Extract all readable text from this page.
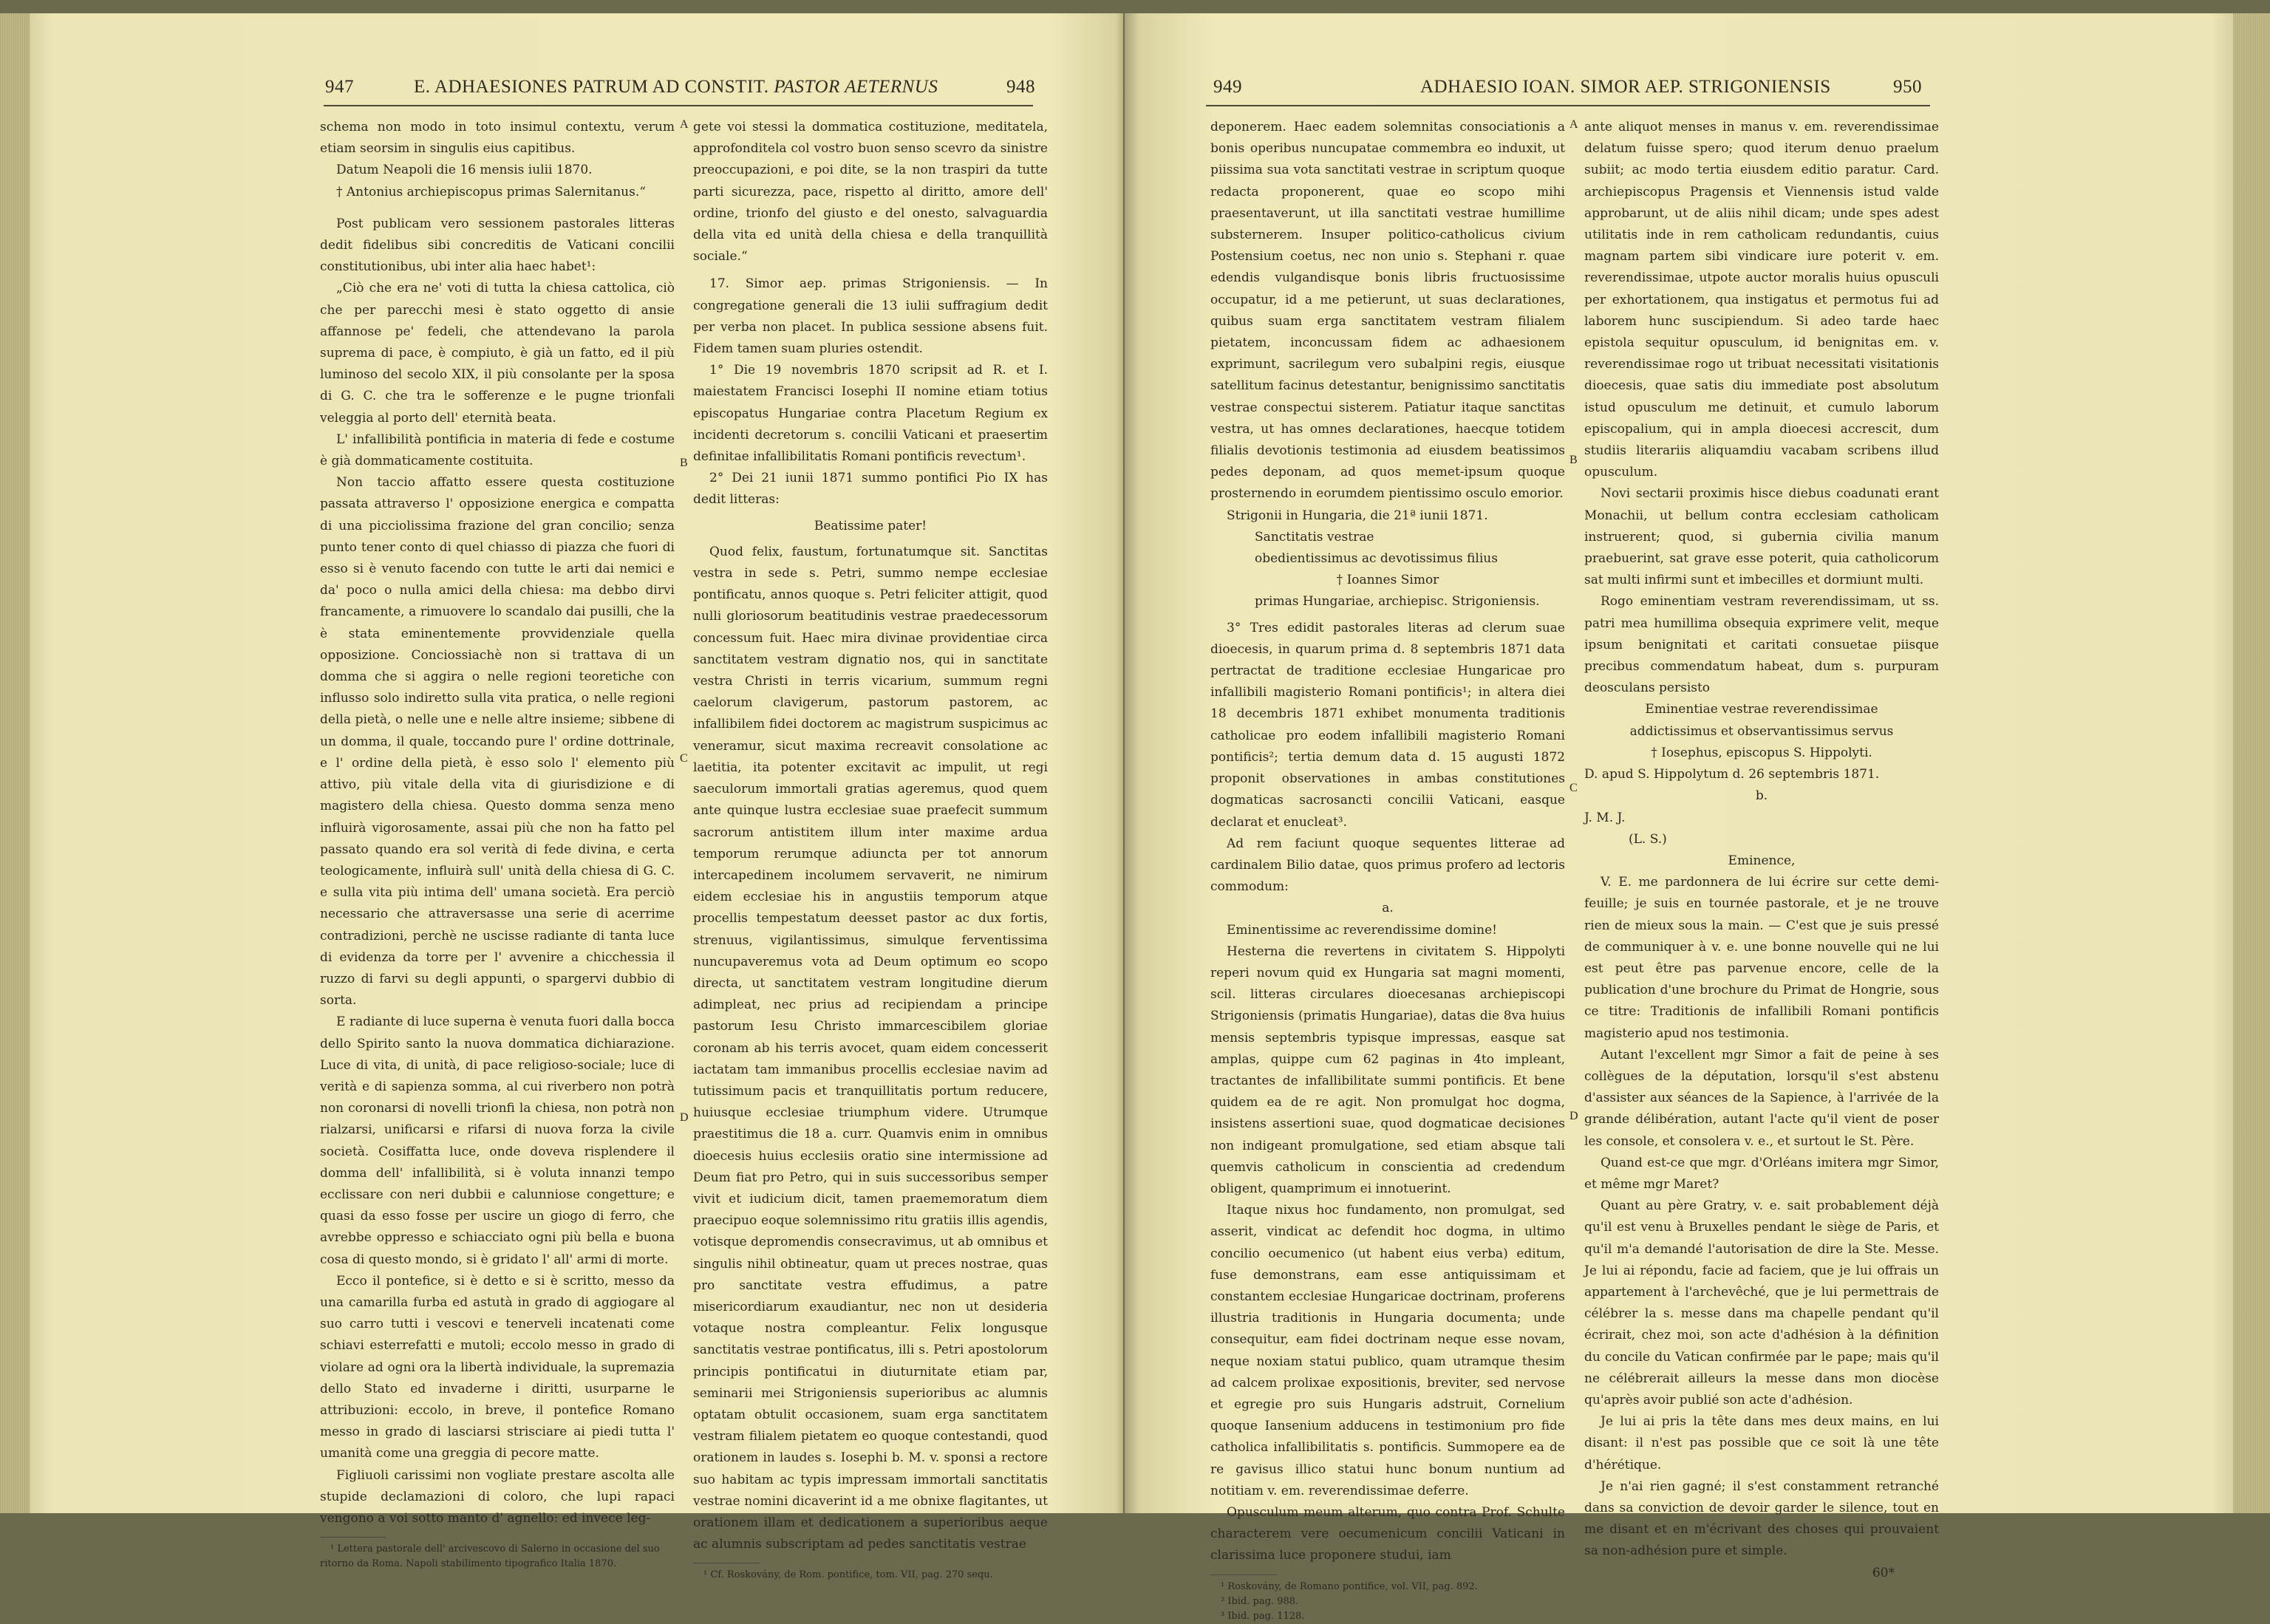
947	E. ADHAESIONES PATRUM AD CONSTIT. PASTOR AETERNUS	948

schema non modo in toto insimul contextu, verum etiam seorsim in singulis eius capitibus.

Datum Neapoli die 16 mensis iulii 1870.

† Antonius archiepiscopus primas Salernitanus.“

Post publicam vero sessionem pastorales litteras dedit fidelibus sibi concreditis de Vaticani concilii constitutionibus, ubi inter alia haec habet¹:

„Ciò che era ne' voti di tutta la chiesa cattolica, ciò che per parecchi mesi è stato oggetto di ansie affannose pe' fedeli, che attendevano la parola suprema di pace, è compiuto, è già un fatto, ed il più luminoso del secolo XIX, il più consolante per la sposa di G. C. che tra le sofferenze e le pugne trionfali veleggia al porto dell' eternità beata.

L' infallibilità pontificia in materia di fede e costume è già dommaticamente costituita.

Non taccio affatto essere questa costituzione passata attraverso l' opposizione energica e compatta di una picciolissima frazione del gran concilio; senza punto tener conto di quel chiasso di piazza che fuori di esso si è venuto facendo con tutte le arti dai nemici e da' poco o nulla amici della chiesa: ma debbo dirvi francamente, a rimuovere lo scandalo dai pusilli, che la è stata eminentemente provvidenziale quella opposizione. Conciossiachè non si trattava di un domma che si aggira o nelle regioni teoretiche con influsso solo indiretto sulla vita pratica, o nelle regioni della pietà, o nelle une e nelle altre insieme; sibbene di un domma, il quale, toccando pure l' ordine dottrinale, e l' ordine della pietà, è esso solo l' elemento più attivo, più vitale della vita di giurisdizione e di magistero della chiesa. Questo domma senza meno influirà vigorosamente, assai più che non ha fatto pel passato quando era sol verità di fede divina, e certa teologicamente, influirà sull' unità della chiesa di G. C. e sulla vita più intima dell' umana società. Era perciò necessario che attraversasse una serie di acerrime contradizioni, perchè ne uscisse radiante di tanta luce di evidenza da torre per l' avvenire a chicchessia il ruzzo di farvi su degli appunti, o spargervi dubbio di sorta.

E radiante di luce superna è venuta fuori dalla bocca dello Spirito santo la nuova dommatica dichiarazione. Luce di vita, di unità, di pace religioso-sociale; luce di verità e di sapienza somma, al cui riverbero non potrà non coronarsi di novelli trionfi la chiesa, non potrà non rialzarsi, unificarsi e rifarsi di nuova forza la civile società. Cosiffatta luce, onde doveva risplendere il domma dell' infallibilità, si è voluta innanzi tempo ecclissare con neri dubbii e calunniose congetture; e quasi da esso fosse per uscire un giogo di ferro, che avrebbe oppresso e schiacciato ogni più bella e buona cosa di questo mondo, si è gridato l' all' armi di morte.

Ecco il pontefice, si è detto e si è scritto, messo da una camarilla furba ed astutà in grado di aggiogare al suo carro tutti i vescovi e tenerveli incatenati come schiavi esterrefatti e mutoli; eccolo messo in grado di violare ad ogni ora la libertà individuale, la supremazia dello Stato ed invaderne i diritti, usurparne le attribuzioni: eccolo, in breve, il pontefice Romano messo in grado di lasciarsi strisciare ai piedi tutta l' umanità come una greggia di pecore matte.

Figliuoli carissimi non vogliate prestare ascolta alle stupide declamazioni di coloro, che lupi rapaci vengono a voi sotto manto d' agnello: ed invece leg-

¹ Lettera pastorale dell' arcivescovo di Salerno in occasione del suo ritorno da Roma. Napoli stabilimento tipografico Italia 1870.

A
B
C
D

gete voi stessi la dommatica costituzione, meditatela, approfonditela col vostro buon senso scevro da sinistre preoccupazioni, e poi dite, se la non traspiri da tutte parti sicurezza, pace, rispetto al diritto, amore dell' ordine, trionfo del giusto e del onesto, salvaguardia della vita ed unità della chiesa e della tranquillità sociale.“

17. Simor aep. primas Strigoniensis. — In congregatione generali die 13 iulii suffragium dedit per verba non placet. In publica sessione absens fuit. Fidem tamen suam pluries ostendit.

1° Die 19 novembris 1870 scripsit ad R. et I. maiestatem Francisci Iosephi II nomine etiam totius episcopatus Hungariae contra Placetum Regium ex incidenti decretorum s. concilii Vaticani et praesertim definitae infallibilitatis Romani pontificis revectum¹.

2° Dei 21 iunii 1871 summo pontifici Pio IX has dedit litteras:

Beatissime pater!

Quod felix, faustum, fortunatumque sit. Sanctitas vestra in sede s. Petri, summo nempe ecclesiae pontificatu, annos quoque s. Petri feliciter attigit, quod nulli gloriosorum beatitudinis vestrae praedecessorum concessum fuit. Haec mira divinae providentiae circa sanctitatem vestram dignatio nos, qui in sanctitate vestra Christi in terris vicarium, summum regni caelorum clavigerum, pastorum pastorem, ac infallibilem fidei doctorem ac magistrum suspicimus ac veneramur, sicut maxima recreavit consolatione ac laetitia, ita potenter excitavit ac impulit, ut regi saeculorum immortali gratias ageremus, quod quem ante quinque lustra ecclesiae suae praefecit summum sacrorum antistitem illum inter maxime ardua temporum rerumque adiuncta per tot annorum intercapedinem incolumem servaverit, ne nimirum eidem ecclesiae his in angustiis temporum atque procellis tempestatum deesset pastor ac dux fortis, strenuus, vigilantissimus, simulque ferventissima nuncupaveremus vota ad Deum optimum eo scopo directa, ut sanctitatem vestram longitudine dierum adimpleat, nec prius ad recipiendam a principe pastorum Iesu Christo immarcescibilem gloriae coronam ab his terris avocet, quam eidem concesserit iactatam tam immanibus procellis ecclesiae navim ad tutissimum pacis et tranquillitatis portum reducere, huiusque ecclesiae triumphum videre. Utrumque praestitimus die 18 a. curr. Quamvis enim in omnibus dioecesis huius ecclesiis oratio sine intermissione ad Deum fiat pro Petro, qui in suis successoribus semper vivit et iudicium dicit, tamen praememoratum diem praecipuo eoque solemnissimo ritu gratiis illis agendis, votisque depromendis consecravimus, ut ab omnibus et singulis nihil obtineatur, quam ut preces nostrae, quas pro sanctitate vestra effudimus, a patre misericordiarum exaudiantur, nec non ut desideria votaque nostra compleantur. Felix longusque sanctitatis vestrae pontificatus, illi s. Petri apostolorum principis pontificatui in diuturnitate etiam par, seminarii mei Strigoniensis superioribus ac alumnis optatam obtulit occasionem, suam erga sanctitatem vestram filialem pietatem eo quoque contestandi, quod orationem in laudes s. Iosephi b. M. v. sponsi a rectore suo habitam ac typis impressam immortali sanctitatis vestrae nomini dicaverint id a me obnixe flagitantes, ut orationem illam et dedicationem a superioribus aeque ac alumnis subscriptam ad pedes sanctitatis vestrae

¹ Cf. Roskovány, de Rom. pontifice, tom. VII, pag. 270 sequ.

949	ADHAESIO IOAN. SIMOR AEP. STRIGONIENSIS	950

deponerem. Haec eadem solemnitas consociationis a bonis operibus nuncupatae commembra eo induxit, ut piissima sua vota sanctitati vestrae in scriptum quoque redacta proponerent, quae eo scopo mihi praesentaverunt, ut illa sanctitati vestrae humillime substernerem. Insuper politico-catholicus civium Postensium coetus, nec non unio s. Stephani r. quae edendis vulgandisque bonis libris fructuosissime occupatur, id a me petierunt, ut suas declarationes, quibus suam erga sanctitatem vestram filialem pietatem, inconcussam fidem ac adhaesionem exprimunt, sacrilegum vero subalpini regis, eiusque satellitum facinus detestantur, benignissimo sanctitatis vestrae conspectui sisterem. Patiatur itaque sanctitas vestra, ut has omnes declarationes, haecque totidem filialis devotionis testimonia ad eiusdem beatissimos pedes deponam, ad quos memet-ipsum quoque prosternendo in eorumdem pientissimo osculo emorior.

Strigonii in Hungaria, die 21ª iunii 1871.

Sanctitatis vestrae

obedientissimus ac devotissimus filius

† Ioannes Simor

primas Hungariae, archiepisc. Strigoniensis.

3° Tres edidit pastorales literas ad clerum suae dioecesis, in quarum prima d. 8 septembris 1871 data pertractat de traditione ecclesiae Hungaricae pro infallibili magisterio Romani pontificis¹; in altera diei 18 decembris 1871 exhibet monumenta traditionis catholicae pro eodem infallibili magisterio Romani pontificis²; tertia demum data d. 15 augusti 1872 proponit observationes in ambas constitutiones dogmaticas sacrosancti concilii Vaticani, easque declarat et enucleat³.

Ad rem faciunt quoque sequentes litterae ad cardinalem Bilio datae, quos primus profero ad lectoris commodum:

a.

Eminentissime ac reverendissime domine!

Hesterna die revertens in civitatem S. Hippolyti reperi novum quid ex Hungaria sat magni momenti, scil. litteras circulares dioecesanas archiepiscopi Strigoniensis (primatis Hungariae), datas die 8va huius mensis septembris typisque impressas, easque sat amplas, quippe cum 62 paginas in 4to impleant, tractantes de infallibilitate summi pontificis. Et bene quidem ea de re agit. Non promulgat hoc dogma, insistens assertioni suae, quod dogmaticae decisiones non indigeant promulgatione, sed etiam absque tali quemvis catholicum in conscientia ad credendum obligent, quamprimum ei innotuerint.

Itaque nixus hoc fundamento, non promulgat, sed asserit, vindicat ac defendit hoc dogma, in ultimo concilio oecumenico (ut habent eius verba) editum, fuse demonstrans, eam esse antiquissimam et constantem ecclesiae Hungaricae doctrinam, proferens illustria traditionis in Hungaria documenta; unde consequitur, eam fidei doctrinam neque esse novam, neque noxiam statui publico, quam utramque thesim ad calcem prolixae expositionis, breviter, sed nervose et egregie pro suis Hungaris adstruit, Cornelium quoque Iansenium adducens in testimonium pro fide catholica infallibilitatis s. pontificis. Summopere ea de re gavisus illico statui hunc bonum nuntium ad notitiam v. em. reverendissimae deferre.

Opusculum meum alterum, quo contra Prof. Schulte characterem vere oecumenicum concilii Vaticani in clarissima luce proponere studui, iam

¹ Roskovány, de Romano pontifice, vol. VII, pag. 892.

² Ibid. pag. 988.

³ Ibid. pag. 1128.

A
B
C
D

ante aliquot menses in manus v. em. reverendissimae delatum fuisse spero; quod iterum denuo praelum subiit; ac modo tertia eiusdem editio paratur. Card. archiepiscopus Pragensis et Viennensis istud valde approbarunt, ut de aliis nihil dicam; unde spes adest utilitatis inde in rem catholicam redundantis, cuius magnam partem sibi vindicare iure poterit v. em. reverendissimae, utpote auctor moralis huius opusculi per exhortationem, qua instigatus et permotus fui ad laborem hunc suscipiendum. Si adeo tarde haec epistola sequitur opusculum, id benignitas em. v. reverendissimae rogo ut tribuat necessitati visitationis dioecesis, quae satis diu immediate post absolutum istud opusculum me detinuit, et cumulo laborum episcopalium, qui in ampla dioecesi accrescit, dum studiis literariis aliquamdiu vacabam scribens illud opusculum.

Novi sectarii proximis hisce diebus coadunati erant Monachii, ut bellum contra ecclesiam catholicam instruerent; quod, si gubernia civilia manum praebuerint, sat grave esse poterit, quia catholicorum sat multi infirmi sunt et imbecilles et dormiunt multi.

Rogo eminentiam vestram reverendissimam, ut ss. patri mea humillima obsequia exprimere velit, meque ipsum benignitati et caritati consuetae piisque precibus commendatum habeat, dum s. purpuram deosculans persisto

Eminentiae vestrae reverendissimae

addictissimus et observantissimus servus

† Iosephus, episcopus S. Hippolyti.

D. apud S. Hippolytum d. 26 septembris 1871.

b.

J. M. J.

(L. S.)

Eminence,

V. E. me pardonnera de lui écrire sur cette demi-feuille; je suis en tournée pastorale, et je ne trouve rien de mieux sous la main. — C'est que je suis pressé de communiquer à v. e. une bonne nouvelle qui ne lui est peut être pas parvenue encore, celle de la publication d'une brochure du Primat de Hongrie, sous ce titre: Traditionis de infallibili Romani pontificis magisterio apud nos testimonia.

Autant l'excellent mgr Simor a fait de peine à ses collègues de la députation, lorsqu'il s'est abstenu d'assister aux séances de la Sapience, à l'arrivée de la grande délibération, autant l'acte qu'il vient de poser les console, et consolera v. e., et surtout le St. Père.

Quand est-ce que mgr. d'Orléans imitera mgr Simor, et même mgr Maret?

Quant au père Gratry, v. e. sait probablement déjà qu'il est venu à Bruxelles pendant le siège de Paris, et qu'il m'a demandé l'autorisation de dire la Ste. Messe. Je lui ai répondu, facie ad faciem, que je lui offrais un appartement à l'archevêché, que je lui permettrais de célébrer la s. messe dans ma chapelle pendant qu'il écrirait, chez moi, son acte d'adhésion à la définition du concile du Vatican confirmée par le pape; mais qu'il ne célébrerait ailleurs la messe dans mon diocèse qu'après avoir publié son acte d'adhésion.

Je lui ai pris la tête dans mes deux mains, en lui disant: il n'est pas possible que ce soit là une tête d'hérétique.

Je n'ai rien gagné; il s'est constamment retranché dans sa conviction de devoir garder le silence, tout en me disant et en m'écrivant des choses qui prouvaient sa non-adhésion pure et simple.

60*
